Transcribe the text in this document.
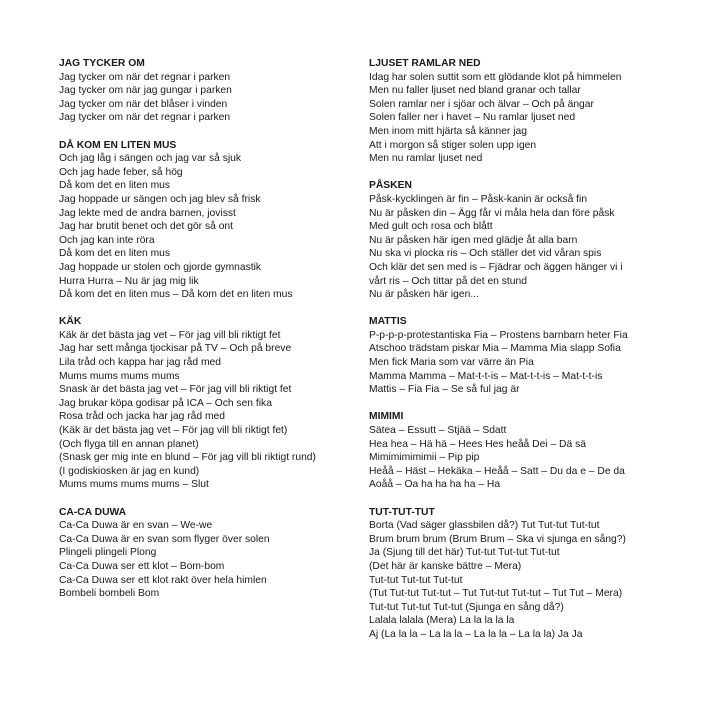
JAG TYCKER OM

Jag tycker om när det regnar i parken

Jag tycker om när jag gungar i parken

Jag tycker om när det blåser i vinden

Jag tycker om när det regnar i parken

DÅ KOM EN LITEN MUS

Och jag låg i sängen och jag var så sjuk

Och jag hade feber, så hög

Då kom det en liten mus

Jag hoppade ur sängen och jag blev så frisk

Jag lekte med de andra barnen, jovisst

Jag har brutit benet och det gör så ont

Och jag kan inte röra

Då kom det en liten mus

Jag hoppade ur stolen och gjorde gymnastik

Hurra Hurra – Nu är jag mig lik

Då kom det en liten mus – Då kom det en liten mus

KÄK

Käk är det bästa jag vet – För jag vill bli riktigt fet

Jag har sett många tjockisar på TV – Och på breve

Lila tråd och kappa har jag råd med

Mums mums mums mums

Snask är det bästa jag vet – För jag vill bli riktigt fet

Jag brukar köpa godisar på ICA – Och sen fika

Rosa tråd och jacka har jag råd med

(Käk är det bästa jag vet – För jag vill bli riktigt fet)

(Och flyga till en annan planet)

(Snask ger mig inte en blund – För jag vill bli riktigt rund)

(I godiskiosken är jag en kund)

Mums mums mums mums – Slut

CA-CA DUWA

Ca-Ca Duwa är en svan – We-we

Ca-Ca Duwa är en svan som flyger över solen

Plingeli plingeli Plong

Ca-Ca Duwa ser ett klot – Bom-bom

Ca-Ca Duwa ser ett klot rakt över hela himlen

Bombeli bombeli Bom

LJUSET RAMLAR NED

Idag har solen suttit som ett glödande klot på himmelen

Men nu faller ljuset ned bland granar och tallar

Solen ramlar ner i sjöar och älvar – Och på ängar

Solen faller ner i havet – Nu ramlar ljuset ned

Men inom mitt hjärta så känner jag

Att i morgon så stiger solen upp igen

Men nu ramlar ljuset ned

PÅSKEN

Påsk-kycklingen är fin – Påsk-kanin är också fin

Nu är påsken din – Ägg får vi måla hela dan före påsk

Med gult och rosa och blått

Nu är påsken här igen med glädje åt alla barn

Nu ska vi plocka ris – Och ställer det vid våran spis

Och klär det sen med is – Fjädrar och äggen hänger vi i

vårt ris – Och tittar på det en stund

Nu är påsken här igen...

MATTIS

P-p-p-p-protestantiska Fia – Prostens barnbarn heter Fia

Atschoo trädstam piskar Mia – Mamma Mia slapp Sofia

Men fick Maria som var värre än Pia

Mamma Mamma – Mat-t-t-is – Mat-t-t-is – Mat-t-t-is

Mattis – Fia Fia – Se så ful jag är

MIMIMI

Sätea – Essutt – Stjää – Sdatt

Hea hea – Hä hä – Hees Hes heåå Dei – Dä sä

Mimimimimimii – Pip pip

Heåå – Häst – Hekäka – Heåå – Satt – Du da e – De da

Aoåå – Oa ha ha ha ha – Ha

TUT-TUT-TUT

Borta (Vad säger glassbilen då?) Tut Tut-tut Tut-tut

Brum brum brum (Brum Brum – Ska vi sjunga en sång?)

Ja (Sjung till det här) Tut-tut Tut-tut Tut-tut

(Det här är kanske bättre – Mera)

Tut-tut Tut-tut Tut-tut

(Tut Tut-tut Tut-tut – Tut Tut-tut Tut-tut – Tut Tut – Mera)

Tut-tut Tut-tut Tut-tut (Sjunga en sång då?)

Lalala lalala (Mera) La la la la la

Aj (La la la – La la la – La la la – La la la) Ja Ja
